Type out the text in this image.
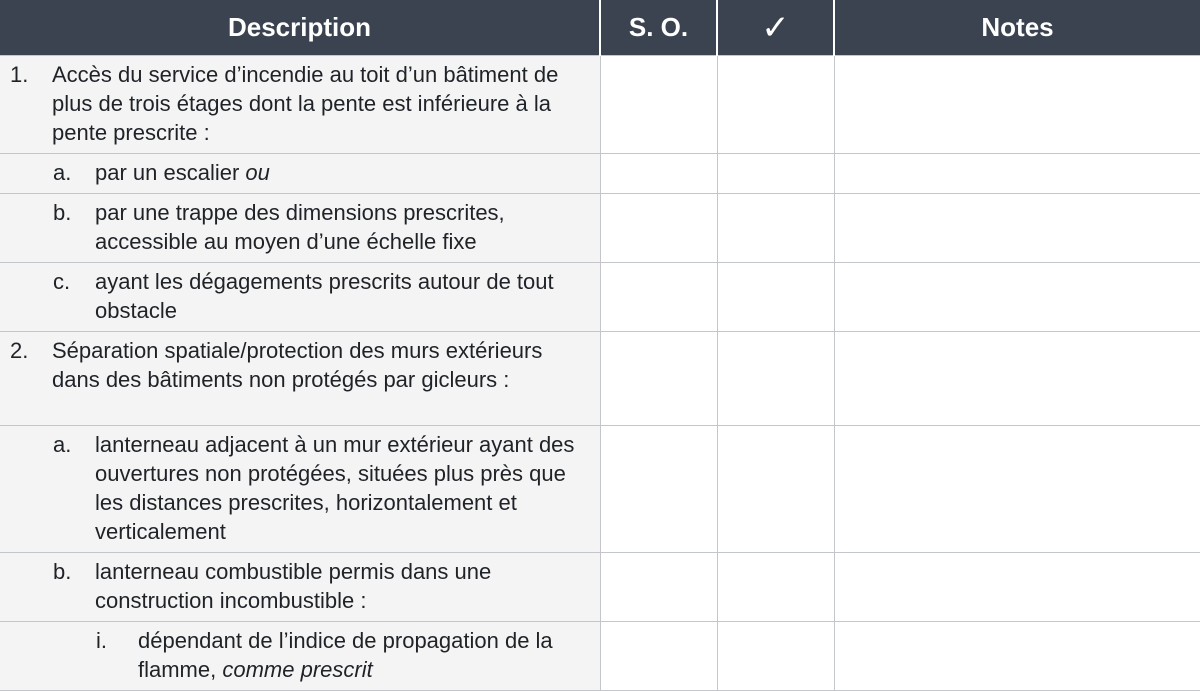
Description	S. O.	✓	Notes

1. Accès du service d’incendie au toit d’un bâtiment de plus de trois étages dont la pente est inférieure à la pente prescrite :			

a. par un escalier ou			

b. par une trappe des dimensions prescrites, accessible au moyen d’une échelle fixe			

c. ayant les dégagements prescrits autour de tout obstacle			

2. Séparation spatiale/protection des murs extérieurs dans des bâtiments non protégés par gicleurs :			

a. lanterneau adjacent à un mur extérieur ayant des ouvertures non protégées, situées plus près que les distances prescrites, horizontalement et verticalement			

b. lanterneau combustible permis dans une construction incombustible :			

i. dépendant de l’indice de propagation de la flamme, comme prescrit			
